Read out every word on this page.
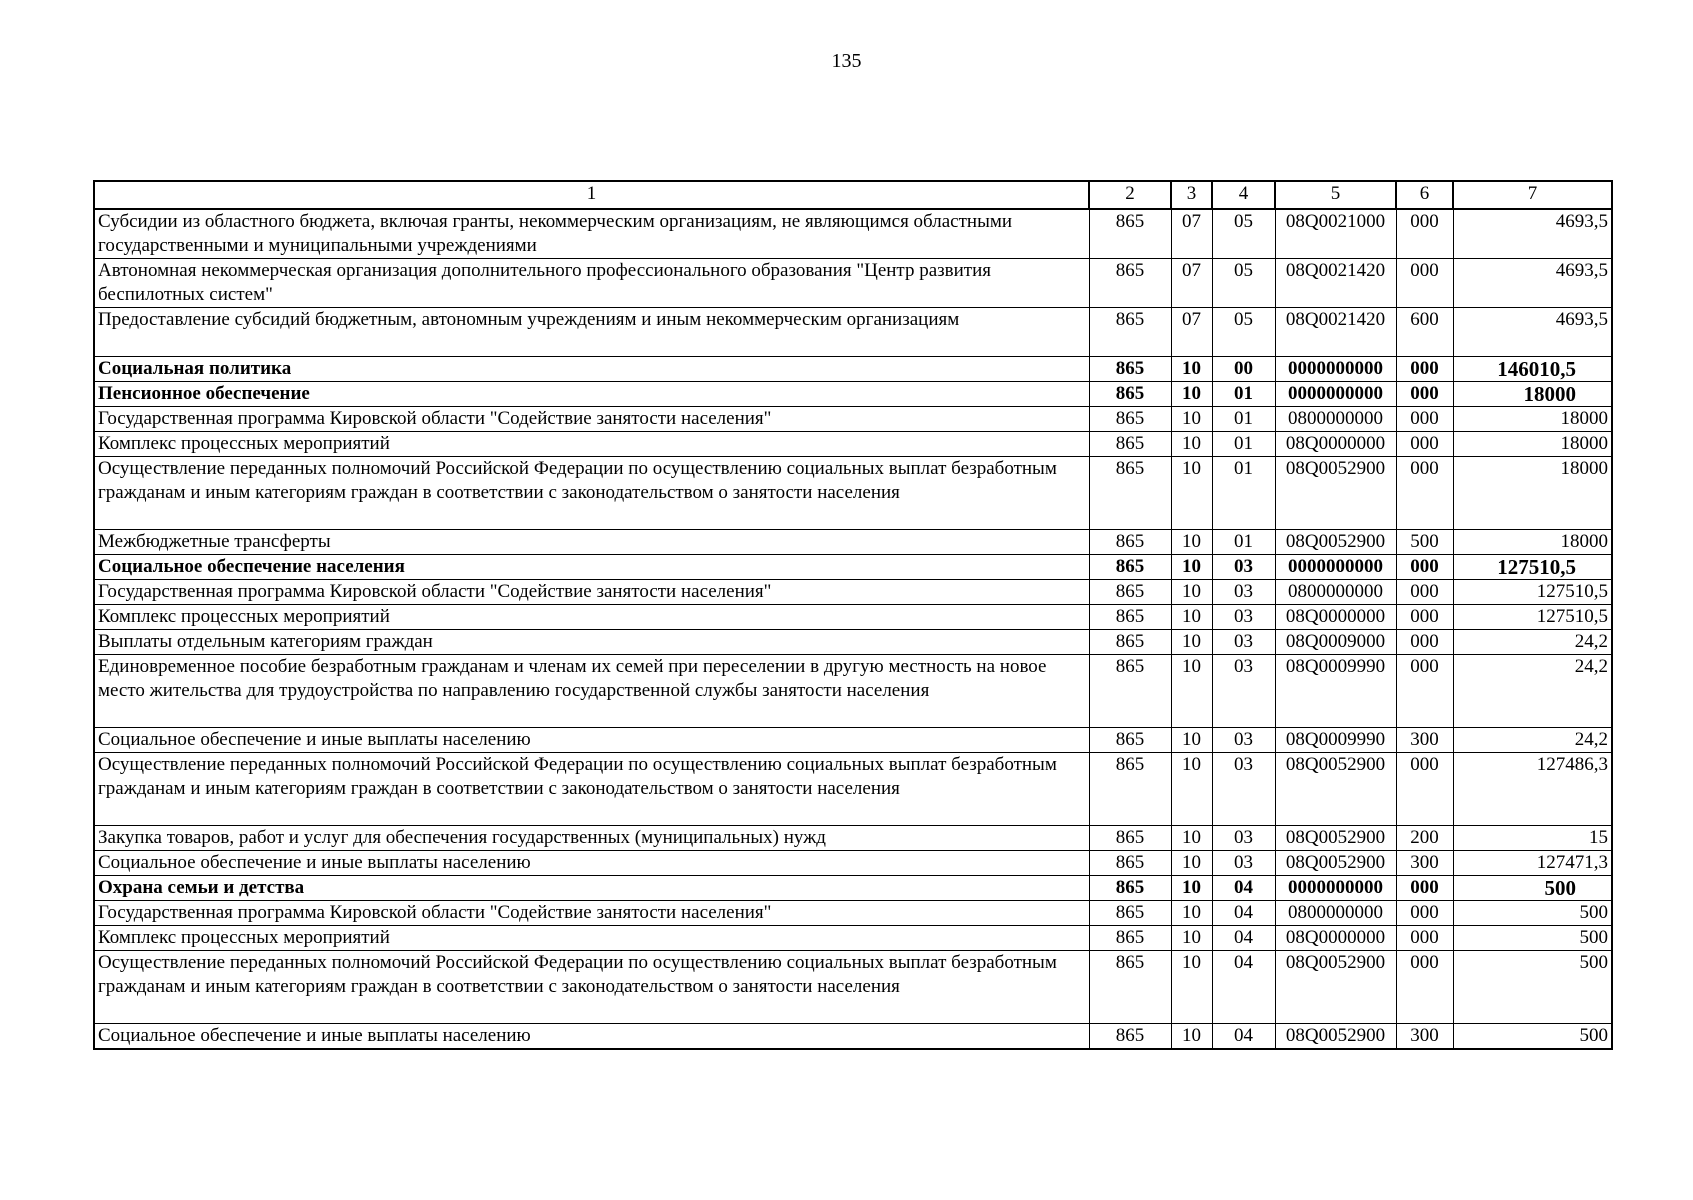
135
1	2	3	4	5	6	7
Субсидии из областного бюджета, включая гранты, некоммерческим организациям, не являющимся областными государственными и муниципальными учреждениями	865	07	05	08Q0021000	000	4693,5
Автономная некоммерческая организация дополнительного профессионального образования "Центр развития беспилотных систем"	865	07	05	08Q0021420	000	4693,5
Предоставление субсидий бюджетным, автономным учреждениям и иным некоммерческим организациям	865	07	05	08Q0021420	600	4693,5
Социальная политика	865	10	00	0000000000	000	146010,5
Пенсионное обеспечение	865	10	01	0000000000	000	18000
Государственная программа Кировской области "Содействие занятости населения"	865	10	01	0800000000	000	18000
Комплекс процессных мероприятий	865	10	01	08Q0000000	000	18000
Осуществление переданных полномочий Российской Федерации по осуществлению социальных выплат безработным гражданам и иным категориям граждан в соответствии с законодательством о занятости населения	865	10	01	08Q0052900	000	18000
Межбюджетные трансферты	865	10	01	08Q0052900	500	18000
Социальное обеспечение населения	865	10	03	0000000000	000	127510,5
Государственная программа Кировской области "Содействие занятости населения"	865	10	03	0800000000	000	127510,5
Комплекс процессных мероприятий	865	10	03	08Q0000000	000	127510,5
Выплаты отдельным категориям граждан	865	10	03	08Q0009000	000	24,2
Единовременное пособие безработным гражданам и членам их семей при переселении в другую местность на новое место жительства для трудоустройства по направлению государственной службы занятости населения	865	10	03	08Q0009990	000	24,2
Социальное обеспечение и иные выплаты населению	865	10	03	08Q0009990	300	24,2
Осуществление переданных полномочий Российской Федерации по осуществлению социальных выплат безработным гражданам и иным категориям граждан в соответствии с законодательством о занятости населения	865	10	03	08Q0052900	000	127486,3
Закупка товаров, работ и услуг для обеспечения государственных (муниципальных) нужд	865	10	03	08Q0052900	200	15
Социальное обеспечение и иные выплаты населению	865	10	03	08Q0052900	300	127471,3
Охрана семьи и детства	865	10	04	0000000000	000	500
Государственная программа Кировской области "Содействие занятости населения"	865	10	04	0800000000	000	500
Комплекс процессных мероприятий	865	10	04	08Q0000000	000	500
Осуществление переданных полномочий Российской Федерации по осуществлению социальных выплат безработным гражданам и иным категориям граждан в соответствии с законодательством о занятости населения	865	10	04	08Q0052900	000	500
Социальное обеспечение и иные выплаты населению	865	10	04	08Q0052900	300	500
